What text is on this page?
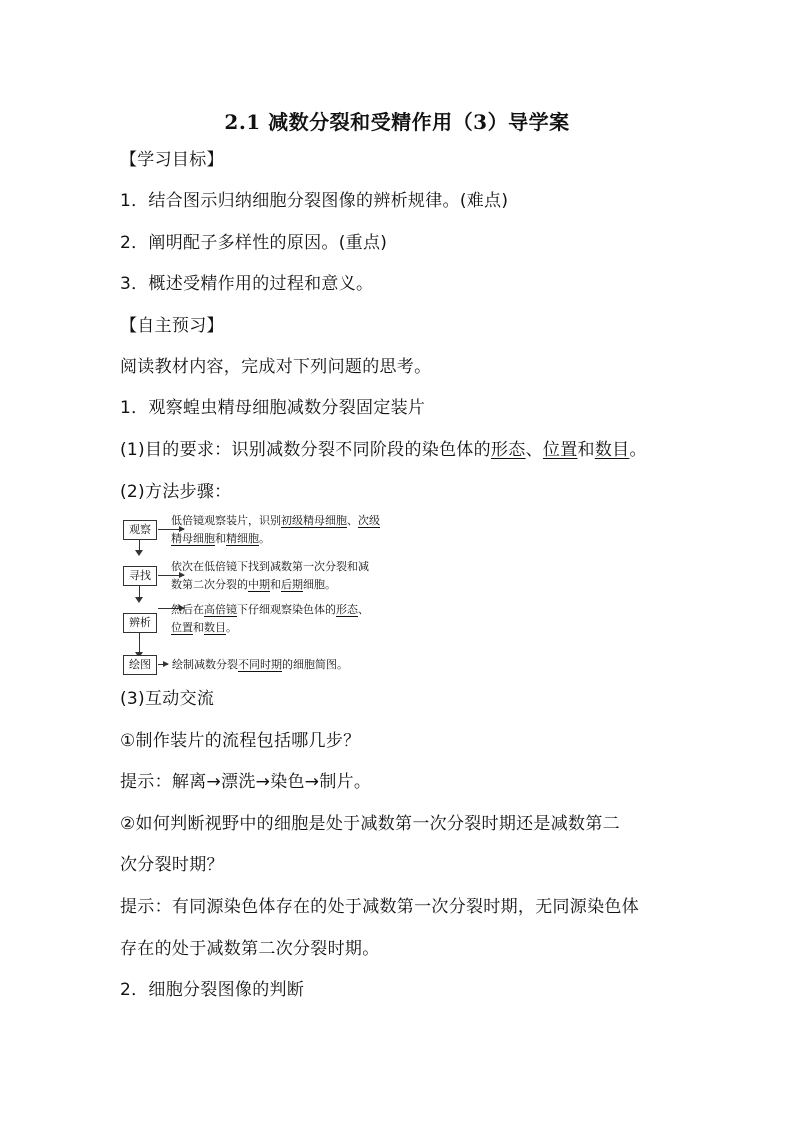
2.1 减数分裂和受精作用（3）导学案
【学习目标】
1．结合图示归纳细胞分裂图像的辨析规律。(难点)
2．阐明配子多样性的原因。(重点)
3．概述受精作用的过程和意义。
【自主预习】
阅读教材内容，完成对下列问题的思考。
1．观察蝗虫精母细胞减数分裂固定装片
(1)目的要求：识别减数分裂不同阶段的染色体的形态、位置和数目。
(2)方法步骤：
观察
低倍镜观察装片，识别初级精母细胞、次级
精母细胞和精细胞。
寻找
依次在低倍镜下找到减数第一次分裂和减
数第二次分裂的中期和后期细胞。
辨析
然后在高倍镜下仔细观察染色体的形态、
位置和数目。
绘图	绘制减数分裂不同时期的细胞简图。
(3)互动交流
①制作装片的流程包括哪几步？
提示：解离→漂洗→染色→制片。
②如何判断视野中的细胞是处于减数第一次分裂时期还是减数第二
次分裂时期？
提示：有同源染色体存在的处于减数第一次分裂时期，无同源染色体
存在的处于减数第二次分裂时期。
2．细胞分裂图像的判断
